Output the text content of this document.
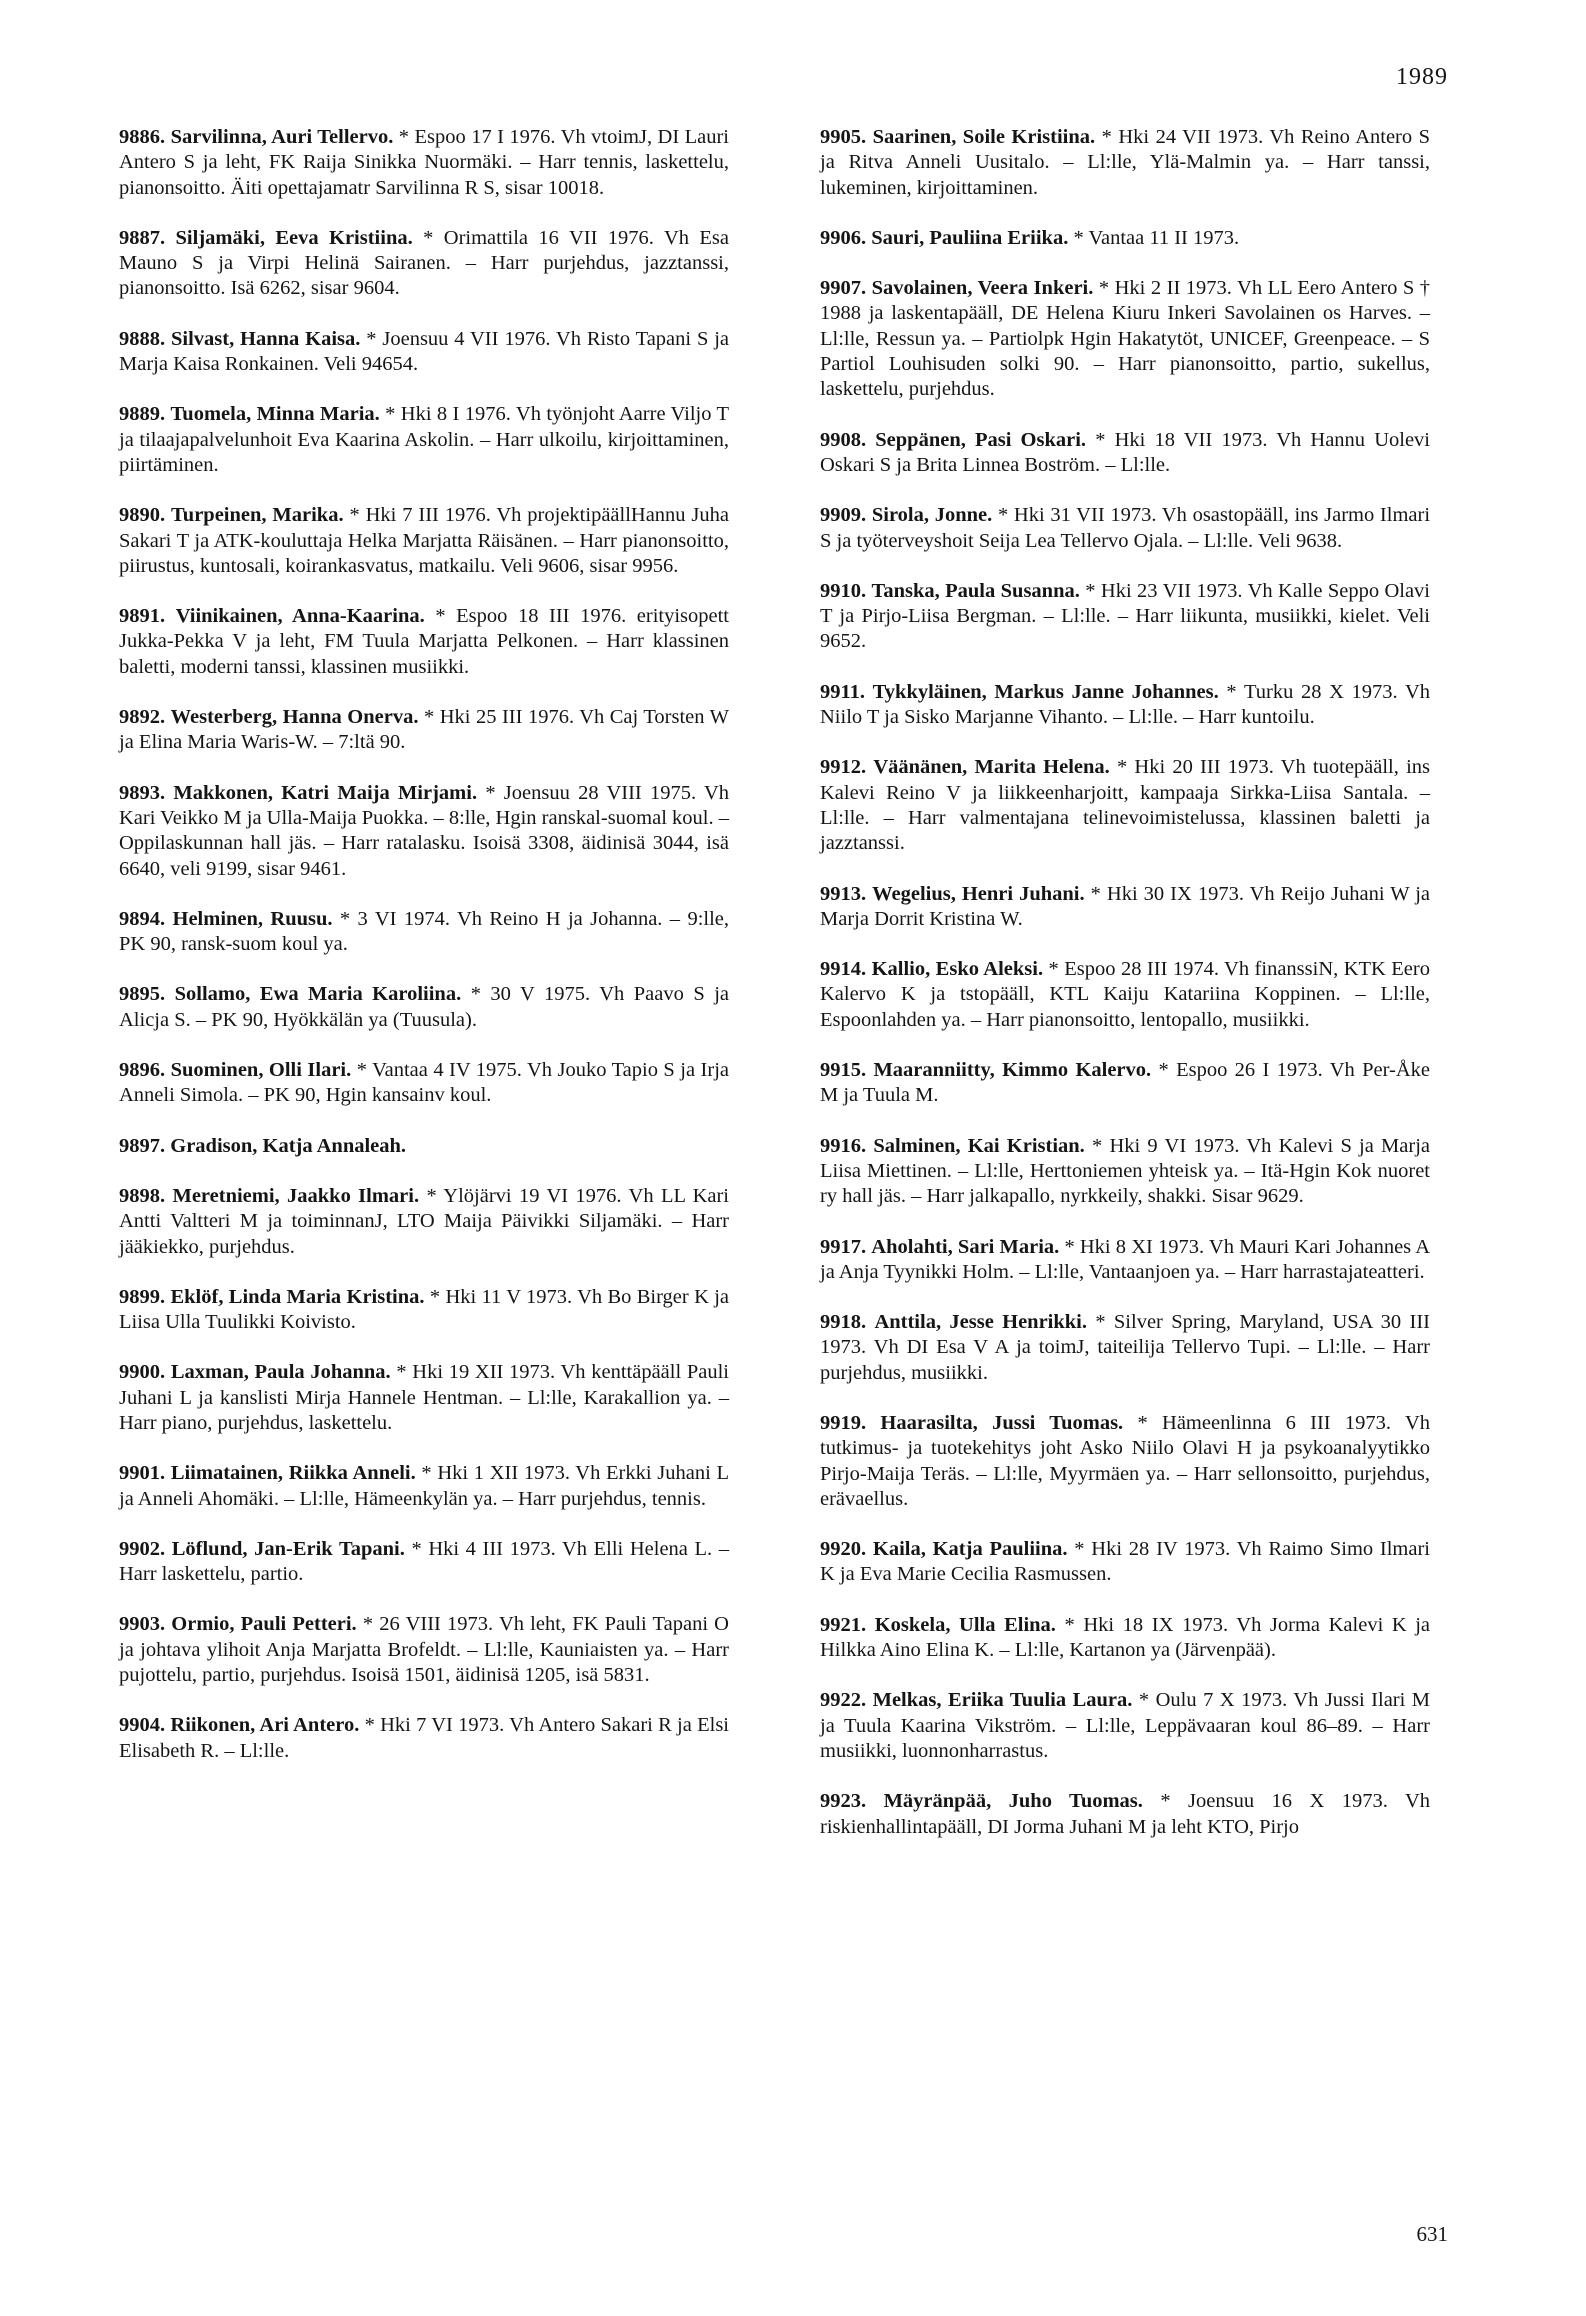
1989

9886. Sarvilinna, Auri Tellervo. * Espoo 17 I 1976. Vh vtoimJ, DI Lauri Antero S ja leht, FK Raija Sinikka Nuormäki. – Harr tennis, laskettelu, pianonsoitto. Äiti opettajamatr Sarvilinna R S, sisar 10018.

9887. Siljamäki, Eeva Kristiina. * Orimattila 16 VII 1976. Vh Esa Mauno S ja Virpi Helinä Sairanen. – Harr purjehdus, jazztanssi, pianonsoitto. Isä 6262, sisar 9604.

9888. Silvast, Hanna Kaisa. * Joensuu 4 VII 1976. Vh Risto Tapani S ja Marja Kaisa Ronkainen. Veli 94654.

9889. Tuomela, Minna Maria. * Hki 8 I 1976. Vh työnjoht Aarre Viljo T ja tilaajapalvelunhoit Eva Kaarina Askolin. – Harr ulkoilu, kirjoittaminen, piirtäminen.

9890. Turpeinen, Marika. * Hki 7 III 1976. Vh projektipäällHannu Juha Sakari T ja ATK-kouluttaja Helka Marjatta Räisänen. – Harr pianonsoitto, piirustus, kuntosali, koirankasvatus, matkailu. Veli 9606, sisar 9956.

9891. Viinikainen, Anna-Kaarina. * Espoo 18 III 1976. erityisopett Jukka-Pekka V ja leht, FM Tuula Marjatta Pelkonen. – Harr klassinen baletti, moderni tanssi, klassinen musiikki.

9892. Westerberg, Hanna Onerva. * Hki 25 III 1976. Vh Caj Torsten W ja Elina Maria Waris-W. – 7:ltä 90.

9893. Makkonen, Katri Maija Mirjami. * Joensuu 28 VIII 1975. Vh Kari Veikko M ja Ulla-Maija Puokka. – 8:lle, Hgin ranskal-suomal koul. – Oppilaskunnan hall jäs. – Harr ratalasku. Isoisä 3308, äidinisä 3044, isä 6640, veli 9199, sisar 9461.

9894. Helminen, Ruusu. * 3 VI 1974. Vh Reino H ja Johanna. – 9:lle, PK 90, ransk-suom koul ya.

9895. Sollamo, Ewa Maria Karoliina. * 30 V 1975. Vh Paavo S ja Alicja S. – PK 90, Hyökkälän ya (Tuusula).

9896. Suominen, Olli Ilari. * Vantaa 4 IV 1975. Vh Jouko Tapio S ja Irja Anneli Simola. – PK 90, Hgin kansainv koul.

9897. Gradison, Katja Annaleah.

9898. Meretniemi, Jaakko Ilmari. * Ylöjärvi 19 VI 1976. Vh LL Kari Antti Valtteri M ja toiminnanJ, LTO Maija Päivikki Siljamäki. – Harr jääkiekko, purjehdus.

9899. Eklöf, Linda Maria Kristina. * Hki 11 V 1973. Vh Bo Birger K ja Liisa Ulla Tuulikki Koivisto.

9900. Laxman, Paula Johanna. * Hki 19 XII 1973. Vh kenttäpääll Pauli Juhani L ja kanslisti Mirja Hannele Hentman. – Ll:lle, Karakallion ya. – Harr piano, purjehdus, laskettelu.

9901. Liimatainen, Riikka Anneli. * Hki 1 XII 1973. Vh Erkki Juhani L ja Anneli Ahomäki. – Ll:lle, Hämeenkylän ya. – Harr purjehdus, tennis.

9902. Löflund, Jan-Erik Tapani. * Hki 4 III 1973. Vh Elli Helena L. – Harr laskettelu, partio.

9903. Ormio, Pauli Petteri. * 26 VIII 1973. Vh leht, FK Pauli Tapani O ja johtava ylihoit Anja Marjatta Brofeldt. – Ll:lle, Kauniaisten ya. – Harr pujottelu, partio, purjehdus. Isoisä 1501, äidinisä 1205, isä 5831.

9904. Riikonen, Ari Antero. * Hki 7 VI 1973. Vh Antero Sakari R ja Elsi Elisabeth R. – Ll:lle.

9905. Saarinen, Soile Kristiina. * Hki 24 VII 1973. Vh Reino Antero S ja Ritva Anneli Uusitalo. – Ll:lle, Ylä-Malmin ya. – Harr tanssi, lukeminen, kirjoittaminen.

9906. Sauri, Pauliina Eriika. * Vantaa 11 II 1973.

9907. Savolainen, Veera Inkeri. * Hki 2 II 1973. Vh LL Eero Antero S † 1988 ja laskentapääll, DE Helena Kiuru Inkeri Savolainen os Harves. – Ll:lle, Ressun ya. – Partiolpk Hgin Hakatytöt, UNICEF, Greenpeace. – S Partiol Louhisuden solki 90. – Harr pianonsoitto, partio, sukellus, laskettelu, purjehdus.

9908. Seppänen, Pasi Oskari. * Hki 18 VII 1973. Vh Hannu Uolevi Oskari S ja Brita Linnea Boström. – Ll:lle.

9909. Sirola, Jonne. * Hki 31 VII 1973. Vh osastopääll, ins Jarmo Ilmari S ja työterveyshoit Seija Lea Tellervo Ojala. – Ll:lle. Veli 9638.

9910. Tanska, Paula Susanna. * Hki 23 VII 1973. Vh Kalle Seppo Olavi T ja Pirjo-Liisa Bergman. – Ll:lle. – Harr liikunta, musiikki, kielet. Veli 9652.

9911. Tykkyläinen, Markus Janne Johannes. * Turku 28 X 1973. Vh Niilo T ja Sisko Marjanne Vihanto. – Ll:lle. – Harr kuntoilu.

9912. Väänänen, Marita Helena. * Hki 20 III 1973. Vh tuotepääll, ins Kalevi Reino V ja liikkeenharjoitt, kampaaja Sirkka-Liisa Santala. – Ll:lle. – Harr valmentajana telinevoimistelussa, klassinen baletti ja jazztanssi.

9913. Wegelius, Henri Juhani. * Hki 30 IX 1973. Vh Reijo Juhani W ja Marja Dorrit Kristina W.

9914. Kallio, Esko Aleksi. * Espoo 28 III 1974. Vh finanssiN, KTK Eero Kalervo K ja tstopääll, KTL Kaiju Katariina Koppinen. – Ll:lle, Espoonlahden ya. – Harr pianonsoitto, lentopallo, musiikki.

9915. Maaranniitty, Kimmo Kalervo. * Espoo 26 I 1973. Vh Per-Åke M ja Tuula M.

9916. Salminen, Kai Kristian. * Hki 9 VI 1973. Vh Kalevi S ja Marja Liisa Miettinen. – Ll:lle, Herttoniemen yhteisk ya. – Itä-Hgin Kok nuoret ry hall jäs. – Harr jalkapallo, nyrkkeily, shakki. Sisar 9629.

9917. Aholahti, Sari Maria. * Hki 8 XI 1973. Vh Mauri Kari Johannes A ja Anja Tyynikki Holm. – Ll:lle, Vantaanjoen ya. – Harr harrastajateatteri.

9918. Anttila, Jesse Henrikki. * Silver Spring, Maryland, USA 30 III 1973. Vh DI Esa V A ja toimJ, taiteilija Tellervo Tupi. – Ll:lle. – Harr purjehdus, musiikki.

9919. Haarasilta, Jussi Tuomas. * Hämeenlinna 6 III 1973. Vh tutkimus- ja tuotekehitys joht Asko Niilo Olavi H ja psykoanalyytikko Pirjo-Maija Teräs. – Ll:lle, Myyrmäen ya. – Harr sellonsoitto, purjehdus, erävaellus.

9920. Kaila, Katja Pauliina. * Hki 28 IV 1973. Vh Raimo Simo Ilmari K ja Eva Marie Cecilia Rasmussen.

9921. Koskela, Ulla Elina. * Hki 18 IX 1973. Vh Jorma Kalevi K ja Hilkka Aino Elina K. – Ll:lle, Kartanon ya (Järvenpää).

9922. Melkas, Eriika Tuulia Laura. * Oulu 7 X 1973. Vh Jussi Ilari M ja Tuula Kaarina Vikström. – Ll:lle, Leppävaaran koul 86–89. – Harr musiikki, luonnonharrastus.

9923. Mäyränpää, Juho Tuomas. * Joensuu 16 X 1973. Vh riskienhallintapääll, DI Jorma Juhani M ja leht KTO, Pirjo

631
